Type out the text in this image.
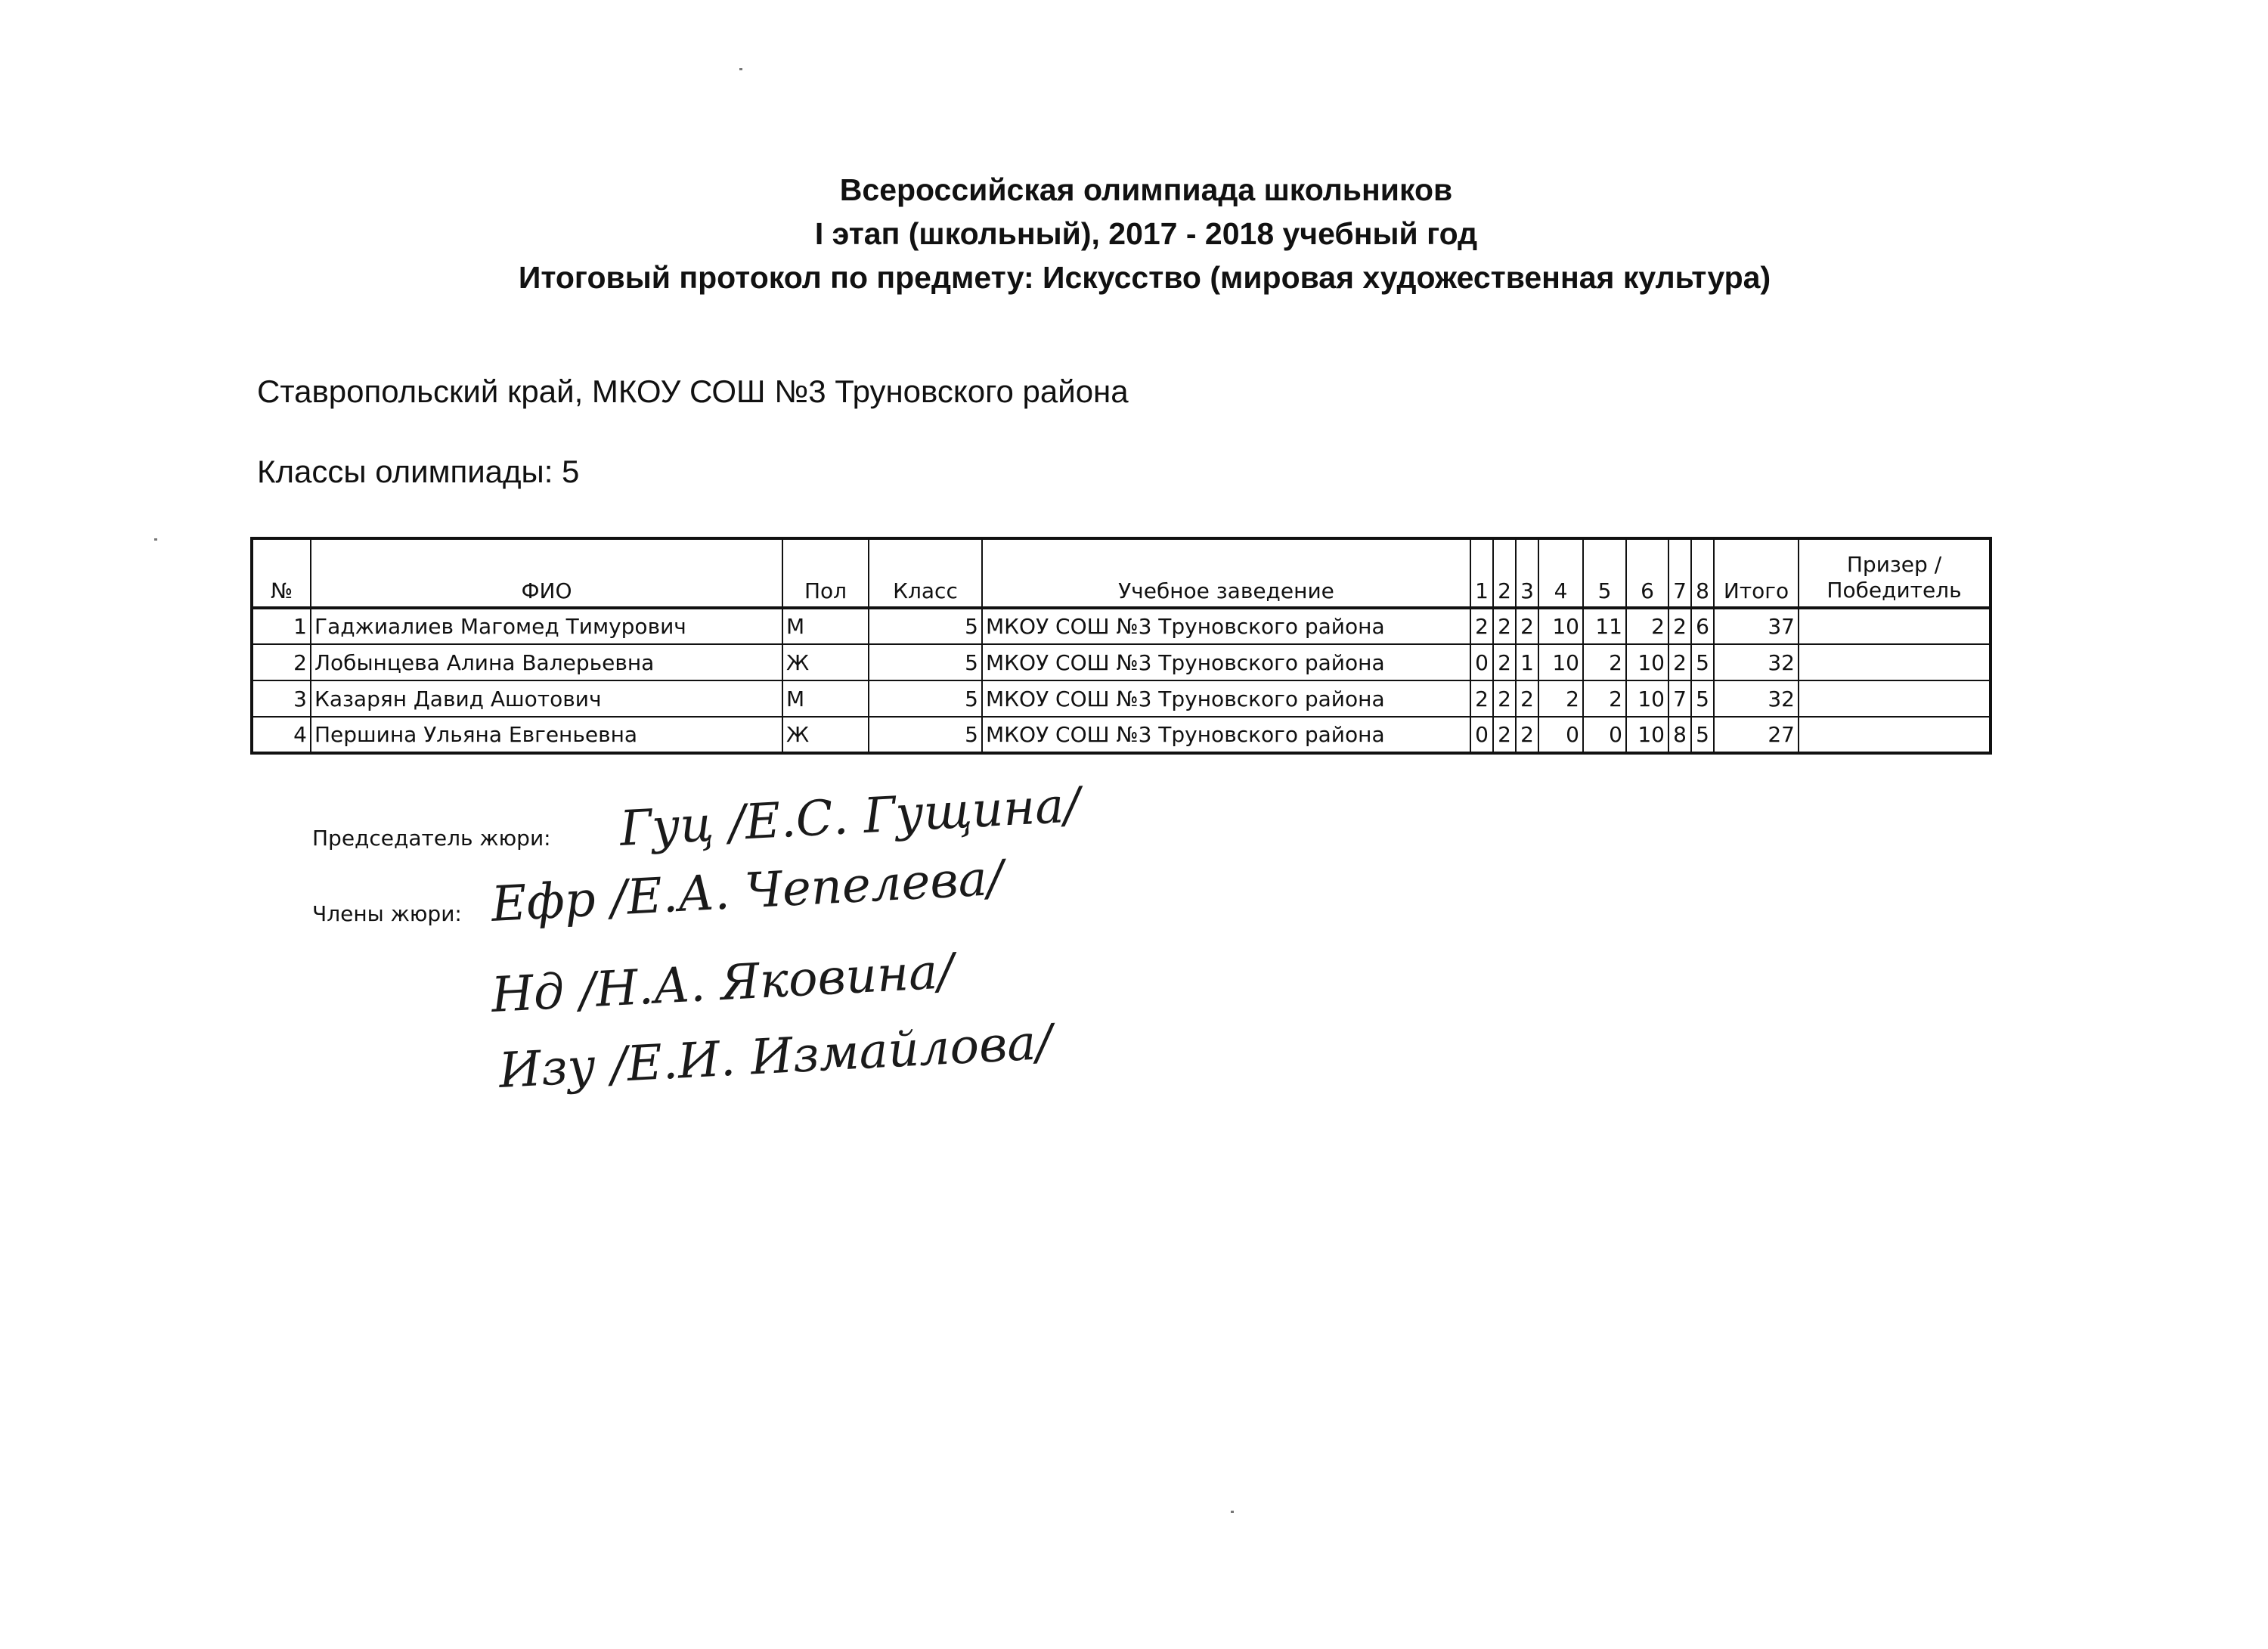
Всероссийская олимпиада школьников
I этап (школьный), 2017 - 2018 учебный год
Итоговый протокол по предмету: Искусство (мировая художественная культура)
Ставропольский край, МКОУ СОШ №3 Труновского района
Классы олимпиады: 5
№	ФИО	Пол	Класс	Учебное заведение	1	2	3	4	5	6	7	8	Итого	Призер / Победитель
1	Гаджиалиев Магомед Тимурович	М	5	МКОУ СОШ №3 Труновского района	2	2	2	10	11	2	2	6	37	
2	Лобынцева Алина Валерьевна	Ж	5	МКОУ СОШ №3 Труновского района	0	2	1	10	2	10	2	5	32	
3	Казарян Давид Ашотович	М	5	МКОУ СОШ №3 Труновского района	2	2	2	2	2	10	7	5	32	
4	Першина Ульяна Евгеньевна	Ж	5	МКОУ СОШ №3 Труновского района	0	2	2	0	0	10	8	5	27	
Председатель жюри:
Члены жюри:
Гуц /Е.С. Гущина/
Ефр /Е.А. Чепелева/
Нд /Н.А. Яковина/
Изу /Е.И. Измайлова/
